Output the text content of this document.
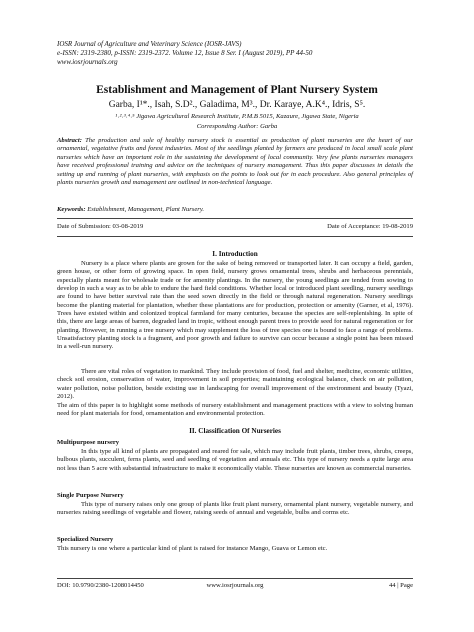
IOSR Journal of Agriculture and Veterinary Science (IOSR-JAVS)
e-ISSN: 2319-2380, p-ISSN: 2319-2372. Volume 12, Issue 8 Ser. I (August 2019), PP 44-50
www.iosrjournals.org
Establishment and Management of Plant Nursery System
Garba, I¹*., Isah, S.D²., Galadima, M³., Dr. Karaye, A.K⁴., Idris, S⁵.
¹˒²˒³˒⁴˒⁵ Jigawa Agricultural Research Institute, P.M.B 5015, Kazaure, Jigawa State, Nigeria
Corresponding Author: Garba
Abstract: The production and sale of healthy nursery stock is essential as production of plant nurseries are the heart of our ornamental, vegetative fruits and forest industries. Most of the seedlings planted by farmers are produced in local small scale plant nurseries which have an important role in the sustaining the development of local community. Very few plants nurseries managers have received professional training and advice on the techniques of nursery management. Thus this paper discusses in details the setting up and running of plant nurseries, with emphasis on the points to look out for in each procedure. Also general principles of plants nurseries growth and management are outlined in non-technical language.
Keywords: Establishment, Management, Plant Nursery.
Date of Submission: 03-08-2019	Date of Acceptance: 19-08-2019
I. Introduction
Nursery is a place where plants are grown for the sake of being removed or transported later. It can occupy a field, garden, green house, or other form of growing space. In open field, nursery grows ornamental trees, shrubs and herbaceous perennials, especially plants meant for wholesale trade or for amenity plantings. In the nursery, the young seedlings are tended from sowing to develop in such a way as to be able to endure the hard field conditions. Whether local or introduced plant seedling, nursery seedlings are found to have better survival rate than the seed sown directly in the field or through natural regeneration. Nursery seedlings become the planting material for plantation, whether these plantations are for production, protection or amenity (Garner, et al, 1976). Trees have existed within and colonized tropical farmland for many centuries, because the species are self-replenishing. In spite of this, there are large areas of barren, degraded land in tropic, without enough parent trees to provide seed for natural regeneration or for planting. However, in running a tree nursery which may supplement the loss of tree species one is bound to face a range of problems. Unsatisfactory planting stock is a fragment, and poor growth and failure to survive can occur because a single point has been missed in a well-run nursery.
There are vital roles of vegetation to mankind. They include provision of food, fuel and shelter, medicine, economic utilities, check soil erosion, conservation of water, improvement in soil properties; maintaining ecological balance, check on air pollution, water pollution, noise pollution, beside existing use in landscaping for overall improvement of the environment and beauty (Tyazi, 2012).
The aim of this paper is to highlight some methods of nursery establishment and management practices with a view to solving human need for plant materials for food, ornamentation and environmental protection.
II. Classification Of Nurseries
Multipurpose nursery
In this type all kind of plants are propagated and reared for sale, which may include fruit plants, timber trees, shrubs, creeps, bulbous plants, succulent, ferns plants, seed and seedling of vegetation and annuals etc. This type of nursery needs a quite large area not less than 5 acre with substantial infrastructure to make it economically viable. These nurseries are known as commercial nurseries.
Single Purpose Nursery
This type of nursery raises only one group of plants like fruit plant nursery, ornamental plant nursery, vegetable nursery, and nurseries raising seedlings of vegetable and flower, raising seeds of annual and vegetable, bulbs and corms etc.
Specialized Nursery
This nursery is one where a particular kind of plant is raised for instance Mango, Guava or Lemon etc.
DOI: 10.9790/2380-1208014450	www.iosrjournals.org	44 | Page
